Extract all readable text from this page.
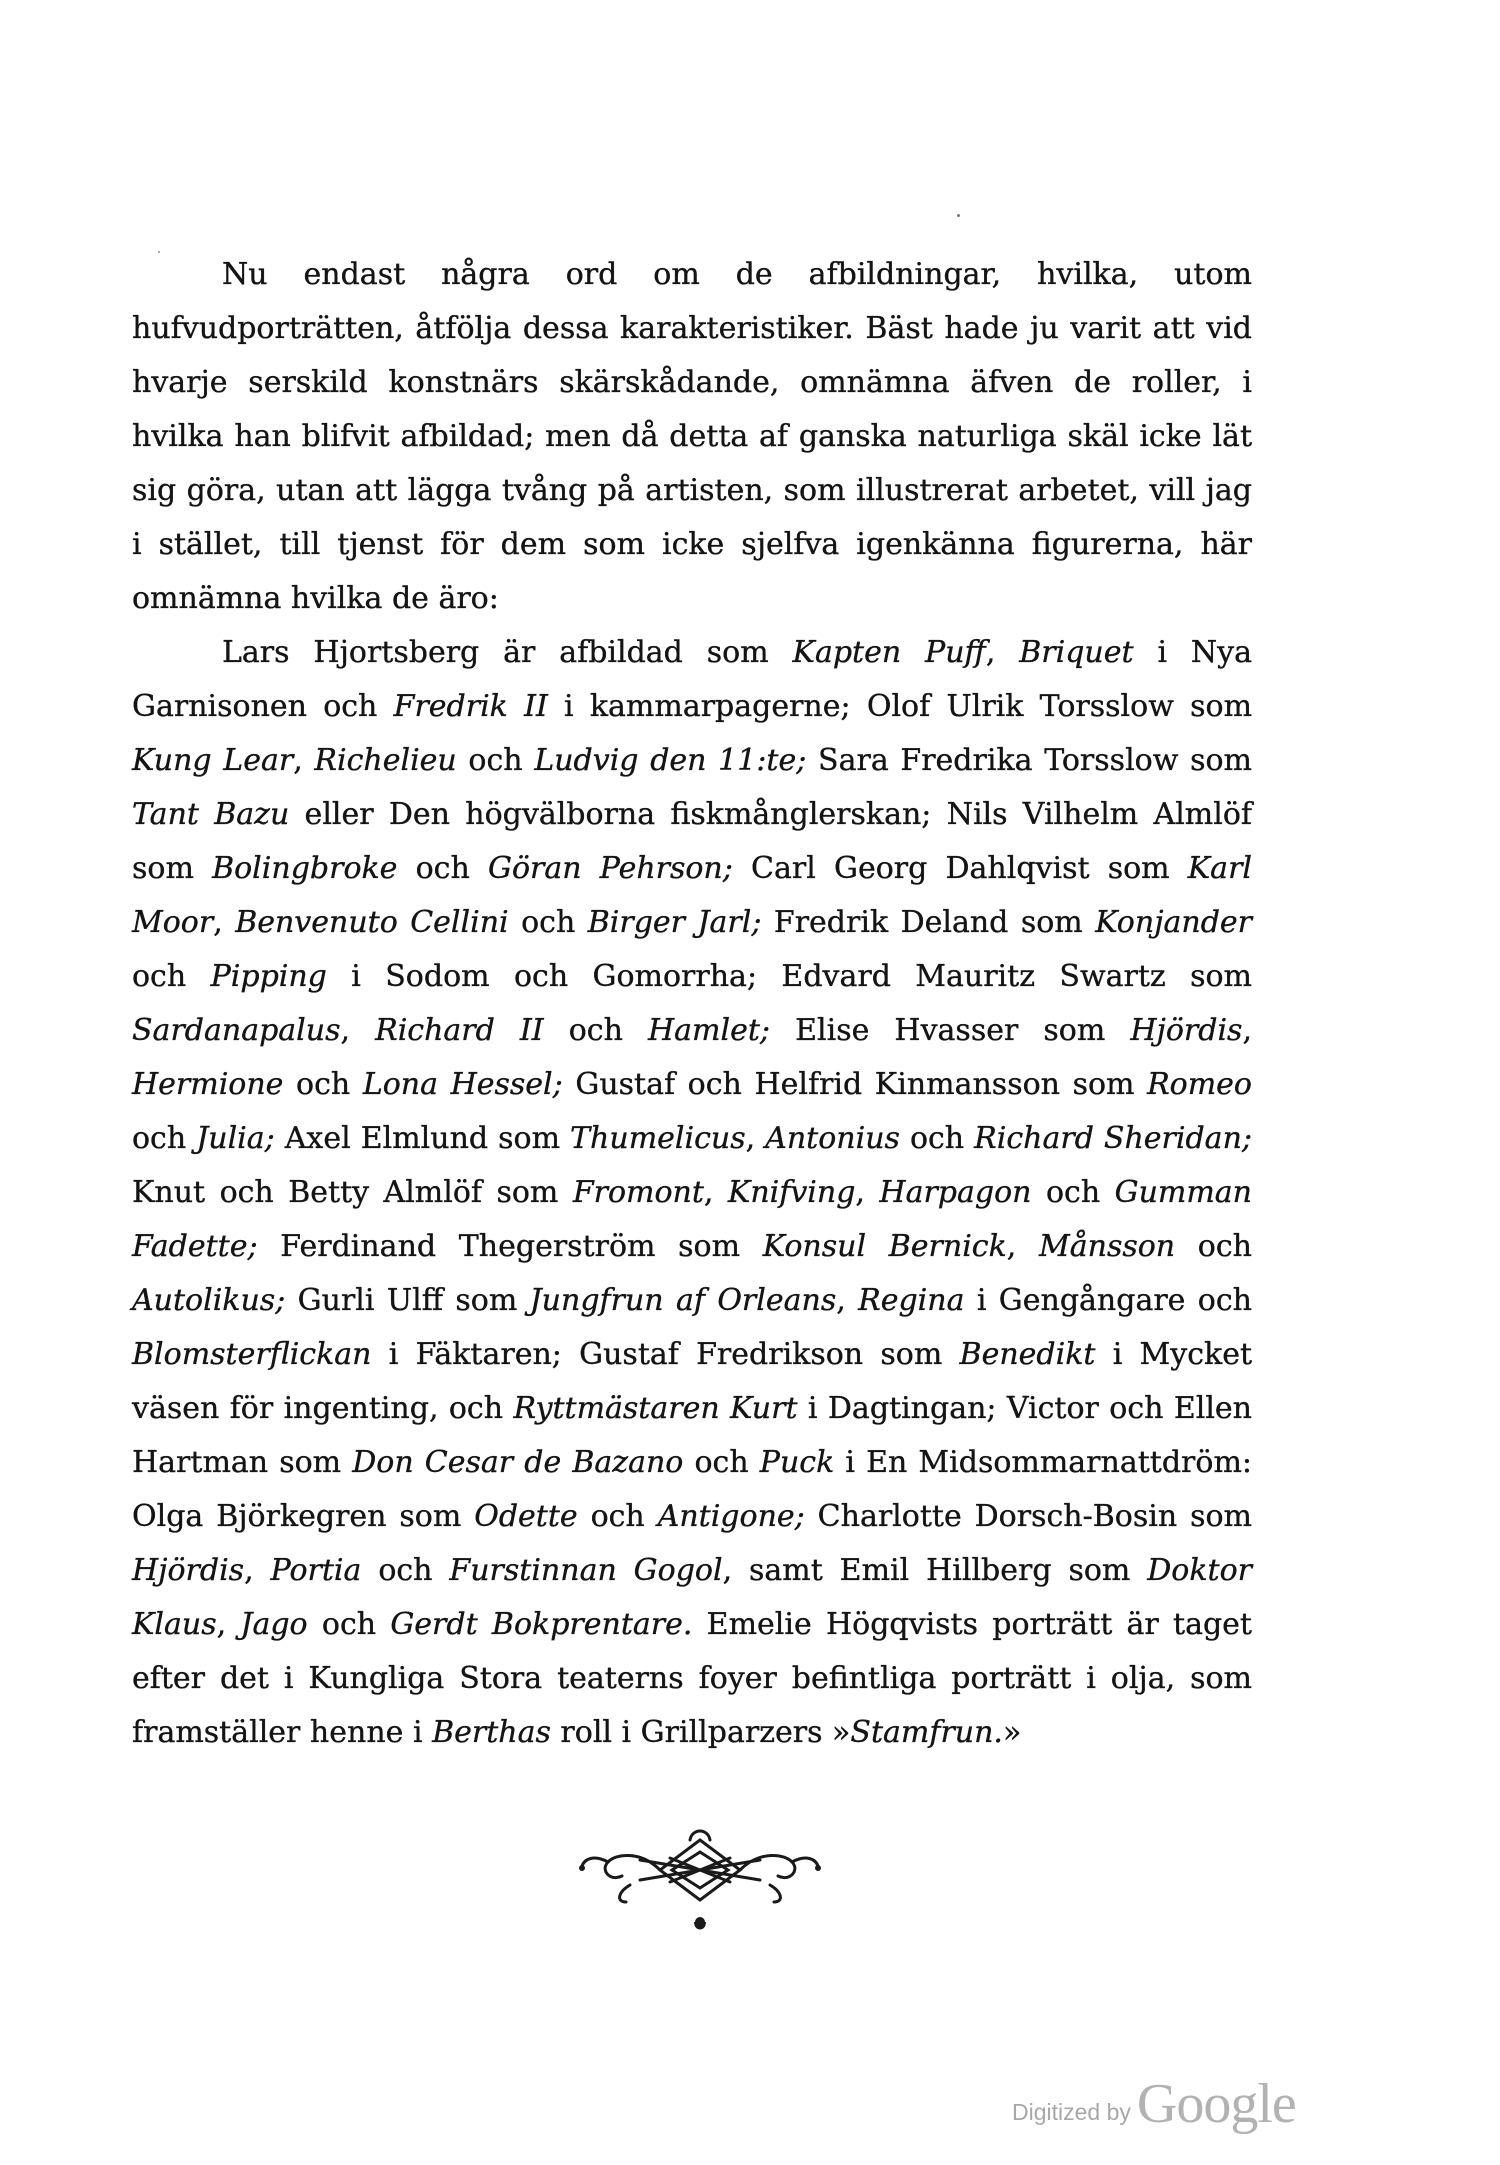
Nu endast några ord om de afbildningar, hvilka, utom hufvudporträtten, åtfölja dessa karakteristiker. Bäst hade ju varit att vid hvarje serskild konstnärs skärskådande, omnämna äfven de roller, i hvilka han blifvit afbildad; men då detta af ganska naturliga skäl icke lät sig göra, utan att lägga tvång på artisten, som illustrerat arbetet, vill jag i stället, till tjenst för dem som icke sjelfva igenkänna figurerna, här omnämna hvilka de äro:

Lars Hjortsberg är afbildad som Kapten Puff, Briquet i Nya Garnisonen och Fredrik II i kammarpagerne; Olof Ulrik Torsslow som Kung Lear, Richelieu och Ludvig den 11:te; Sara Fredrika Torsslow som Tant Bazu eller Den högvälborna fiskmånglerskan; Nils Vilhelm Almlöf som Bolingbroke och Göran Pehrson; Carl Georg Dahlqvist som Karl Moor, Benvenuto Cellini och Birger Jarl; Fredrik Deland som Konjander och Pipping i Sodom och Gomorrha; Edvard Mauritz Swartz som Sardanapalus, Richard II och Hamlet; Elise Hvasser som Hjördis, Hermione och Lona Hessel; Gustaf och Helfrid Kinmansson som Romeo och Julia; Axel Elmlund som Thumelicus, Antonius och Richard Sheridan; Knut och Betty Almlöf som Fromont, Knifving, Harpagon och Gumman Fadette; Ferdinand Thegerström som Konsul Bernick, Månsson och Autolikus; Gurli Ulff som Jungfrun af Orleans, Regina i Gengångare och Blomsterflickan i Fäktaren; Gustaf Fredrikson som Benedikt i Mycket väsen för ingenting, och Ryttmästaren Kurt i Dagtingan; Victor och Ellen Hartman som Don Cesar de Bazano och Puck i En Midsommarnattdröm: Olga Björkegren som Odette och Antigone; Charlotte Dorsch-Bosin som Hjördis, Portia och Furstinnan Gogol, samt Emil Hillberg som Doktor Klaus, Jago och Gerdt Bokprentare. Emelie Högqvists porträtt är taget efter det i Kungliga Stora teaterns foyer befintliga porträtt i olja, som framställer henne i Berthas roll i Grillparzers »Stamfrun.»

Digitized by Google
